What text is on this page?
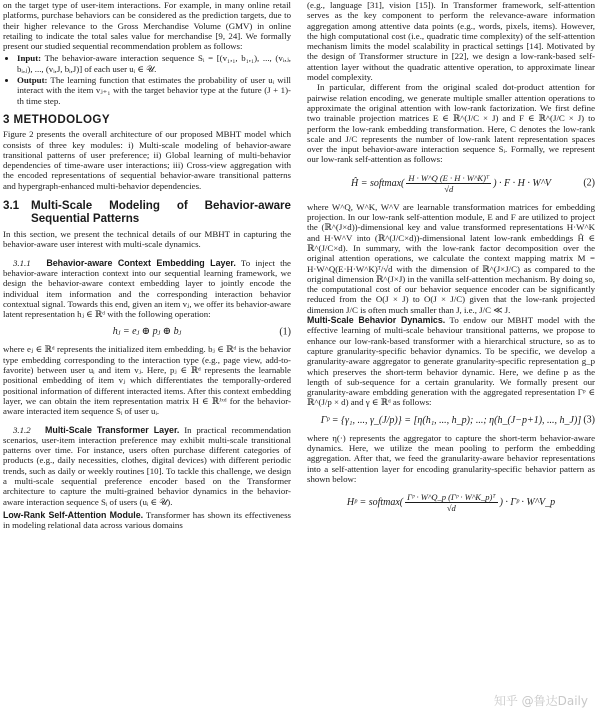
on the target type of user-item interactions. For example, in many online retail platforms, purchase behaviors can be considered as the prediction targets, due to their higher relevance to the Gross Merchandise Volume (GMV) in online retailing to indicate the total sales value for merchandise [9, 24]. We formally present our studied sequential recommendation problem as follows:

• Input: The behavior-aware interaction sequence Sᵢ = [(v₁,₁, b₁,₁), ..., (vᵢ,ⱼ, bᵢ,ⱼ), ..., (vᵢ,J, bᵢ,J)] of each user uᵢ ∈ 𝒰.
• Output: The learning function that estimates the probability of user uᵢ will interact with the item vⱼ₊₁ with the target behavior type at the future (J + 1)-th time step.
3 METHODOLOGY

Figure 2 presents the overall architecture of our proposed MBHT model which consists of three key modules: i) Multi-scale modeling of behavior-aware transitional patterns of user preference; ii) Global learning of multi-behavior dependencies of time-aware user interactions; iii) Cross-view aggregation with the encoded representations of sequential behavior-aware transitional patterns and hypergraph-enhanced multi-behavior dependencies.

3.1	Multi-Scale Modeling of Behavior-aware Sequential Patterns

In this section, we present the technical details of our MBHT in capturing the behavior-aware user interest with multi-scale dynamics.

3.1.1 Behavior-aware Context Embedding Layer. To inject the behavior-aware interaction context into our sequential learning framework, we design the behavior-aware context embedding layer to jointly encode the individual item information and the corresponding interaction behavior contextual signal. Towards this end, given an item vⱼ, we offer its behavior-aware latent representation hⱼ ∈ ℝᵈ with the following operation:

hⱼ = eⱼ ⊕ pⱼ ⊕ bⱼ	(1)

where eⱼ ∈ ℝᵈ represents the initialized item embedding. bⱼ ∈ ℝᵈ is the behavior type embedding corresponding to the interaction type (e.g., page view, add-to-favorite) between user uᵢ and item vⱼ. Here, pⱼ ∈ ℝᵈ represents the learnable positional embedding of item vⱼ which differentiates the temporally-ordered positional information of different interacted items. After this context embedding layer, we can obtain the item representation matrix H ∈ ℝᴶˣᵈ for the behavior-aware interacted item sequence Sᵢ of user uᵢ.

3.1.2 Multi-Scale Transformer Layer. In practical recommendation scenarios, user-item interaction preference may exhibit multi-scale transitional patterns over time. For instance, users often purchase different categories of products (e.g., daily necessities, clothes, digital devices) with different periodic trends, such as daily or weekly routines [10]. To tackle this challenge, we design a multi-scale sequential preference encoder based on the Transformer architecture to capture the multi-grained behavior dynamics in the behavior-aware interaction sequence Sᵢ of users (uᵢ ∈ 𝒰).

Low-Rank Self-Attention Module. Transformer has shown its effectiveness in modeling relational data across various domains

(e.g., language [31], vision [15]). In Transformer framework, self-attention serves as the key component to perform the relevance-aware information aggregation among attentive data points (e.g., words, pixels, items). However, the high computational cost (i.e., quadratic time complexity) of the self-attention mechanism limits the model scalability in practical settings [14]. Motivated by the design of Transformer structure in [22], we design a low-rank-based self-attention layer without the quadratic attentive operation, to approximate linear model complexity.

In particular, different from the original scaled dot-product attention for pairwise relation encoding, we generate multiple smaller attention operations to approximate the original attention with low-rank factorization. We first define two trainable projection matrices E ∈ ℝ^(J/C × J) and F ∈ ℝ^(J/C × J) to perform the low-rank embedding transformation. Here, C denotes the low-rank scale and J/C represents the number of low-rank latent representation spaces over the input behavior-aware interaction sequence Sᵢ. Formally, we represent our low-rank self-attention as follows:

Ĥ = softmax( $\frac{\text{H · W\textasciicircum{}Q (E · H · W\textasciicircum{}K)ᵀ}}{√d}$ ) · F · H · W^V	(2)

where W^Q, W^K, W^V are learnable transformation matrices for embedding projection. In our low-rank self-attention module, E and F are utilized to project the (ℝ^(J×d))-dimensional key and value transformed representations H·W^K and H·W^V into (ℝ^(J/C×d))-dimensional latent low-rank embeddings Ĥ ∈ ℝ^(J/C×d). In summary, with the low-rank factor decomposition over the original attention operations, we calculate the context mapping matrix M = H·W^Q(E·H·W^K)ᵀ/√d with the dimension of ℝ^(J×J/C) as compared to the original dimension ℝ^(J×J) in the vanilla self-attention mechanism. By doing so, the computational cost of our behavior sequence encoder can be significantly reduced from the O(J × J) to O(J × J/C) given that the low-rank projected dimension J/C is often much smaller than J, i.e., J/C ≪ J.

Multi-Scale Behavior Dynamics. To endow our MBHT model with the effective learning of multi-scale behaviour transitional patterns, we propose to enhance our low-rank-based transformer with a hierarchical structure, so as to capture granularity-specific behavior dynamics. To be specific, we develop a granularity-aware aggregator to generate granularity-specific representation g_p which preserves the short-term behavior dynamic. Here, we define p as the length of sub-sequence for a certain granularity. We formally present our granularity-aware embdding generation with the aggregated representation Γᵖ ∈ ℝ^(J/p × d) and γ ∈ ℝᵈ as follows:

Γᵖ = {γ₁, ..., γ_(J/p)} = [η(h₁, ..., h_p); ...; η(h_(J−p+1), ..., h_J)] (3)

where η(·) represents the aggregator to capture the short-term behavior-aware dynamics. Here, we utilize the mean pooling to perform the embedding aggregation. After that, we feed the granularity-aware behavior representations into a self-attention layer for encoding granularity-specific behavior pattern as shown below:

Hᵖ = softmax( $\frac{\text{Γᵖ · W\textasciicircum{}Q\_p (Γᵖ · W\textasciicircum{}K\_p)ᵀ}}{√d}$ ) · Γᵖ · W^V_p
知乎 @鲁达Daily
